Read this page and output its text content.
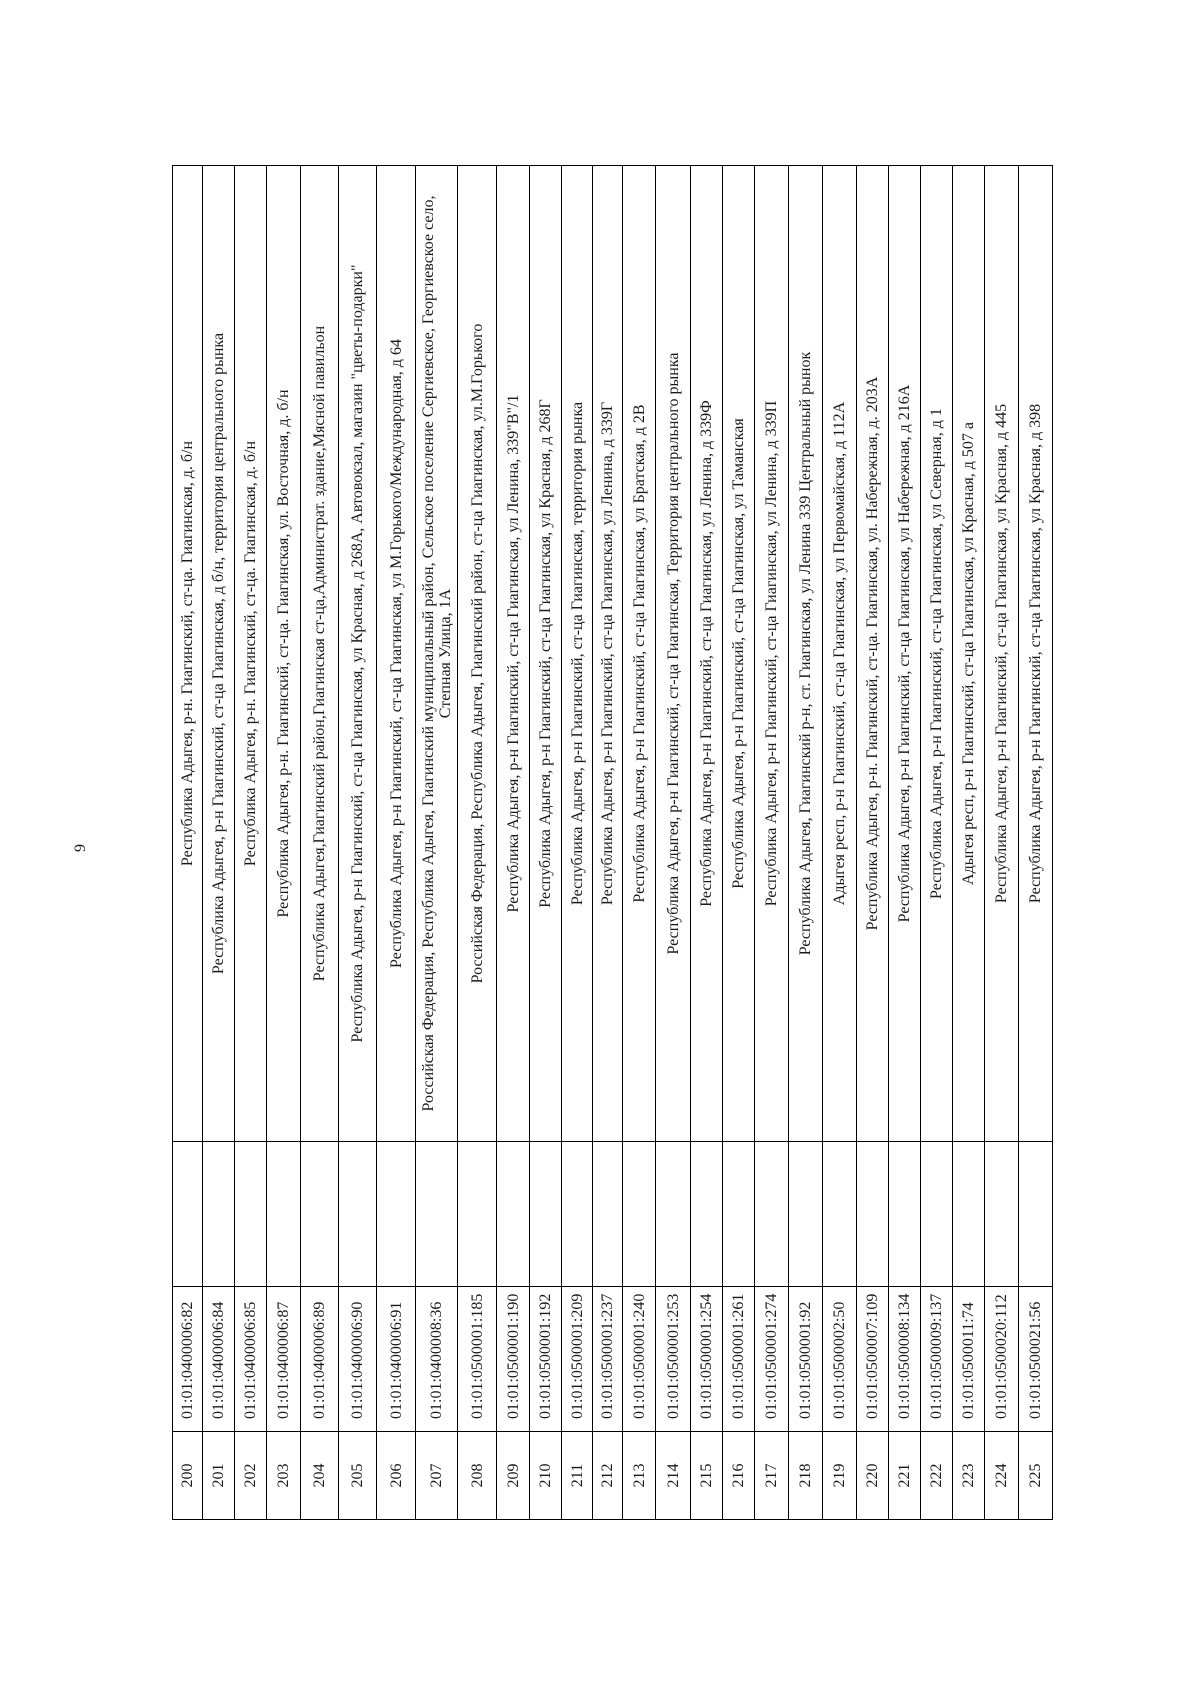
9
200	01:01:0400006:82		Республика Адыгея, р-н. Гиагинский, ст-ца. Гиагинская, д. б/н
201	01:01:0400006:84		Республика Адыгея, р-н Гиагинский, ст-ца Гиагинская, д б/н, территория центрального рынка
202	01:01:0400006:85		Республика Адыгея, р-н. Гиагинский, ст-ца. Гиагинская, д. б/н
203	01:01:0400006:87		Республика Адыгея, р-н. Гиагинский, ст-ца. Гиагинская, ул. Восточная, д. б/н
204	01:01:0400006:89		Республика Адыгея,Гиагинский район,Гиагинская ст-ца,Администрат. здание,Мясной павильон
205	01:01:0400006:90		Республика Адыгея, р-н Гиагинский, ст-ца Гиагинская, ул Красная, д 268А, Автовокзал, магазин "цветы-подарки"
206	01:01:0400006:91		Республика Адыгея, р-н Гиагинский, ст-ца Гиагинская, ул М.Горького/Международная, д 64
207	01:01:0400008:36		Российская Федерация, Республика Адыгея, Гиагинский муниципальный район, Сельское поселение Сергиевское, Георгиевское село, Степная Улица, 1А
208	01:01:0500001:185		Российская Федерация, Республика Адыгея, Гиагинский район, ст-ца Гиагинская, ул.М.Горького
209	01:01:0500001:190		Республика Адыгея, р-н Гиагинский, ст-ца Гиагинская, ул Ленина, 339"В"/1
210	01:01:0500001:192		Республика Адыгея, р-н Гиагинский, ст-ца Гиагинская, ул Красная, д 268Г
211	01:01:0500001:209		Республика Адыгея, р-н Гиагинский, ст-ца Гиагинская, территория рынка
212	01:01:0500001:237		Республика Адыгея, р-н Гиагинский, ст-ца Гиагинская, ул Ленина, д 339Г
213	01:01:0500001:240		Республика Адыгея, р-н Гиагинский, ст-ца Гиагинская, ул Братская, д 2В
214	01:01:0500001:253		Республика Адыгея, р-н Гиагинский, ст-ца Гиагинская, Территория центрального рынка
215	01:01:0500001:254		Республика Адыгея, р-н Гиагинский, ст-ца Гиагинская, ул Ленина, д 339Ф
216	01:01:0500001:261		Республика Адыгея, р-н Гиагинский, ст-ца Гиагинская, ул Таманская
217	01:01:0500001:274		Республика Адыгея, р-н Гиагинский, ст-ца Гиагинская, ул Ленина, д 339П
218	01:01:0500001:92		Республика Адыгея, Гиагинский р-н, ст. Гиагинская, ул Ленина 339 Центральный рынок
219	01:01:0500002:50		Адыгея респ, р-н Гиагинский, ст-ца Гиагинская, ул Первомайская, д 112А
220	01:01:0500007:109		Республика Адыгея, р-н. Гиагинский, ст-ца. Гиагинская, ул. Набережная, д. 203А
221	01:01:0500008:134		Республика Адыгея, р-н Гиагинский, ст-ца Гиагинская, ул Набережная, д 216А
222	01:01:0500009:137		Республика Адыгея, р-н Гиагинский, ст-ца Гиагинская, ул Северная, д 1
223	01:01:0500011:74		Адыгея респ, р-н Гиагинский, ст-ца Гиагинская, ул Красная, д 507 а
224	01:01:0500020:112		Республика Адыгея, р-н Гиагинский, ст-ца Гиагинская, ул Красная, д 445
225	01:01:0500021:56		Республика Адыгея, р-н Гиагинский, ст-ца Гиагинская, ул Красная, д 398
